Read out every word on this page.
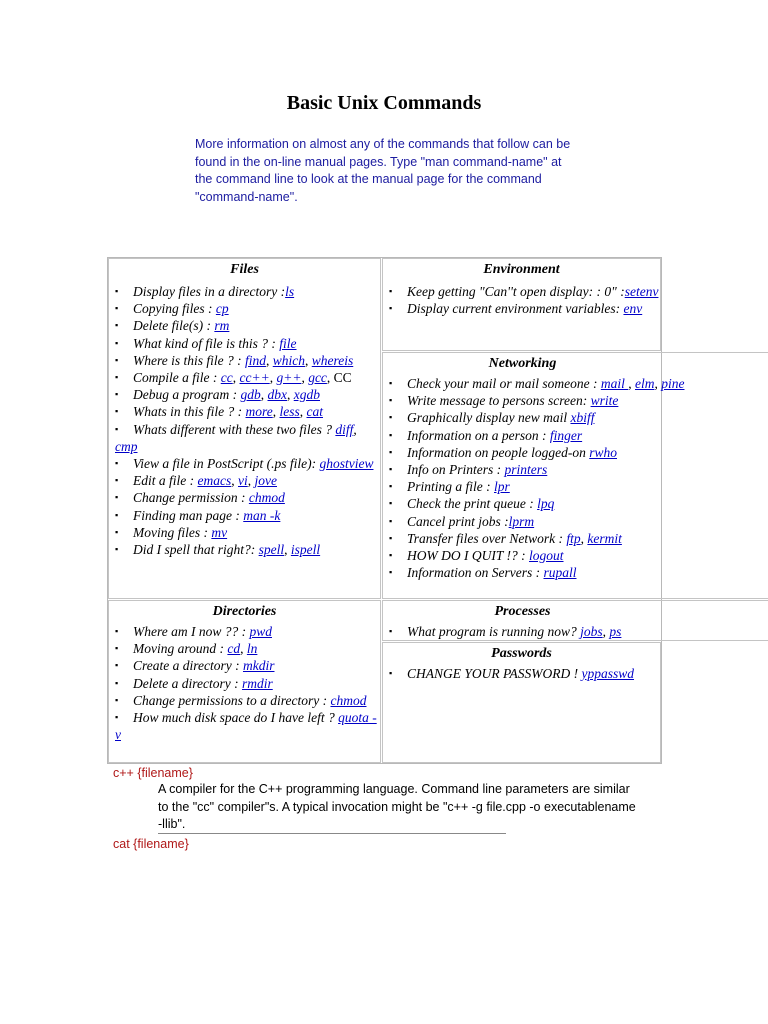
Basic Unix Commands
More information on almost any of the commands that follow can be found in the on-line manual pages. Type "man command-name" at the command line to look at the manual page for the command "command-name".
Files
▪ Display files in a directory :ls
▪ Copying files : cp
▪ Delete file(s) : rm
▪ What kind of file is this ? : file
▪ Where is this file ? : find, which, whereis
▪ Compile a file : cc, cc++, g++, gcc, CC
▪ Debug a program : gdb, dbx, xgdb
▪ Whats in this file ? : more, less, cat
▪ Whats different with these two files ? diff, cmp
▪ View a file in PostScript (.ps file): ghostview
▪ Edit a file : emacs, vi, jove
▪ Change permission : chmod
▪ Finding man page : man -k
▪ Moving files : mv
▪ Did I spell that right?: spell, ispell
Environment
▪ Keep getting "Can''t open display: : 0" :setenv
▪ Display current environment variables: env
Networking
▪ Check your mail or mail someone : mail , elm, pine
▪ Write message to persons screen: write
▪ Graphically display new mail xbiff
▪ Information on a person : finger
▪ Information on people logged-on rwho
▪ Info on Printers : printers
▪ Printing a file : lpr
▪ Check the print queue : lpq
▪ Cancel print jobs :lprm
▪ Transfer files over Network : ftp, kermit
▪ HOW DO I QUIT !? : logout
▪ Information on Servers : rupall
Directories
▪ Where am I now ?? : pwd
▪ Moving around : cd, ln
▪ Create a directory : mkdir
▪ Delete a directory : rmdir
▪ Change permissions to a directory : chmod
▪ How much disk space do I have left ? quota -v
Processes
▪ What program is running now? jobs, ps
Passwords
▪ CHANGE YOUR PASSWORD ! yppasswd
c++ {filename}
A compiler for the C++ programming language. Command line parameters are similar to the "cc" compiler"s. A typical invocation might be "c++ -g file.cpp -o executablename -llib".
cat {filename}
